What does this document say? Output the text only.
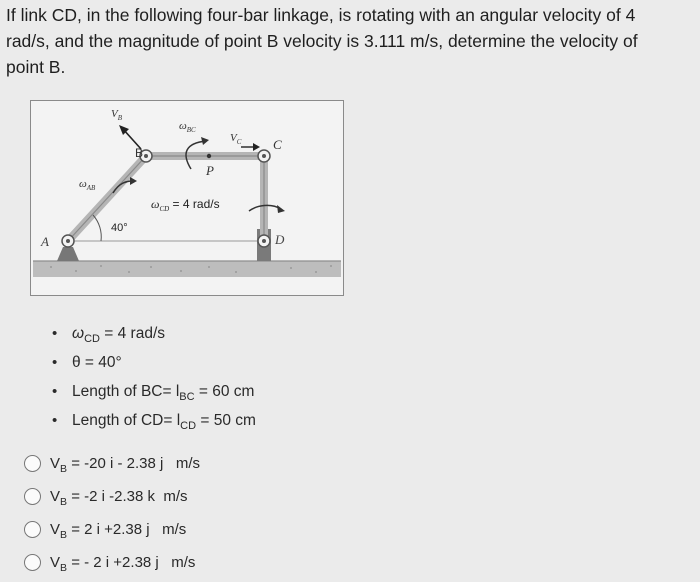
If link CD, in the following four-bar linkage, is rotating with an angular velocity of 4
rad/s, and the magnitude of point B velocity is 3.111 m/s, determine the velocity of
point B.
$V_B$
$\omega_{BC}$
$V_C$
B
C
P
$\omega_{AB}$
$\omega_{CD} = 4$ rad/s
40°
A	D
• $\omega_{CD} = 4$ rad/s
• θ = 40°
• Length of $BC= l_{BC} = 60$ cm
• Length of $CD= l_{CD} = 50$ cm
$V_B = -20$ i - 2.38 j   m/s
$V_B = -2$ i -2.38 k  m/s
$V_B = 2$ i +2.38 j   m/s
$V_B$ = - 2 i +2.38 j   m/s
